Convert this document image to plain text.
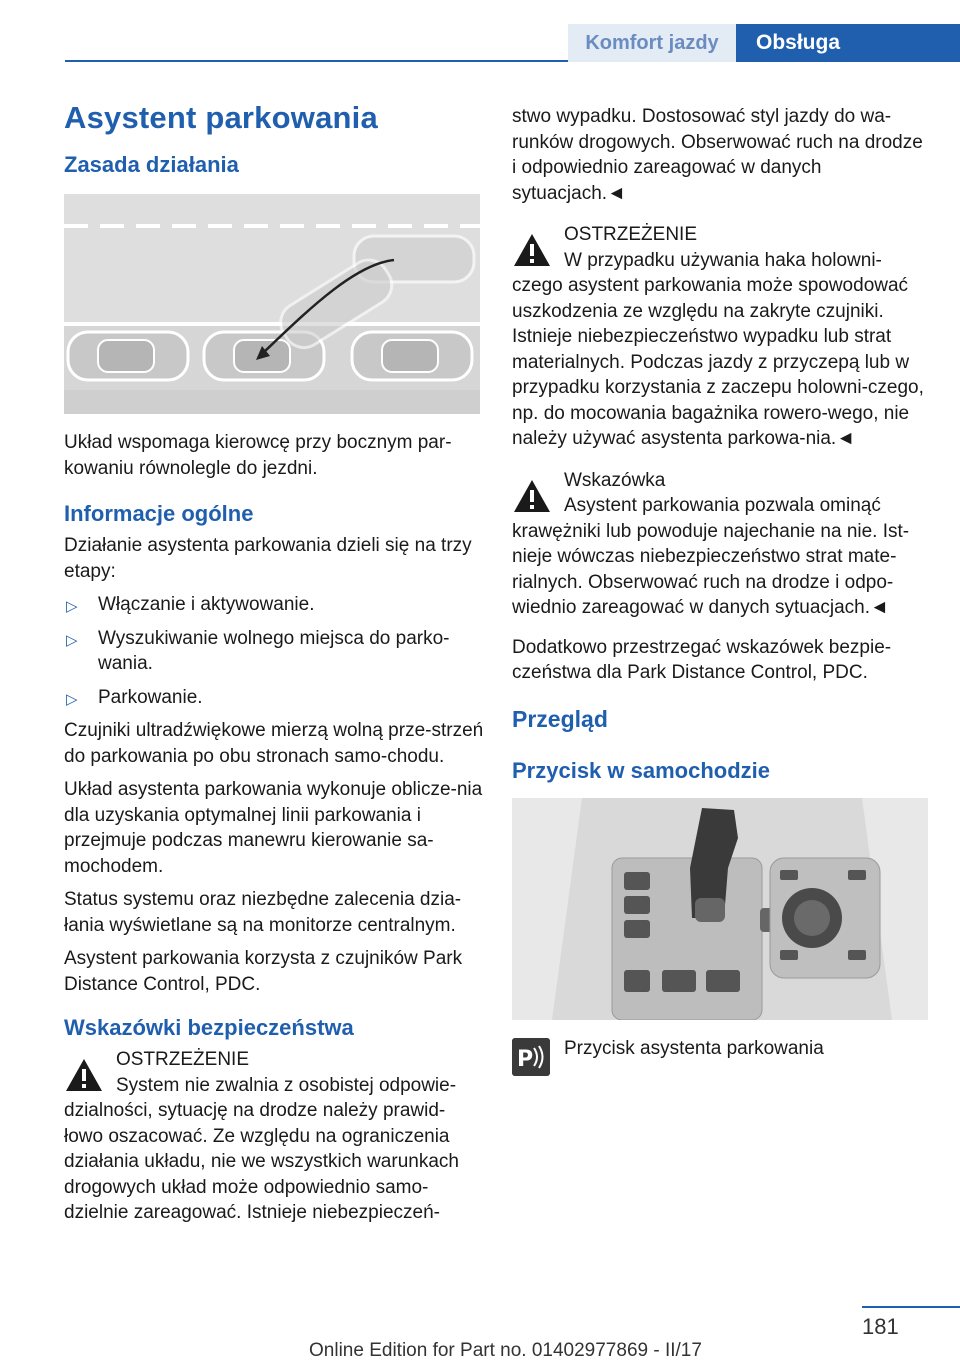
Komfort jazdy	Obsługa
Asystent parkowania
Zasada działania

Układ wspomaga kierowcę przy bocznym par-kowaniu równolegle do jezdni.

Informacje ogólne

Działanie asystenta parkowania dzieli się na trzy etapy:

▷ Włączanie i aktywowanie.
▷ Wyszukiwanie wolnego miejsca do parko-wania.
▷ Parkowanie.

Czujniki ultradźwiękowe mierzą wolną prze-strzeń do parkowania po obu stronach samo-chodu.

Układ asystenta parkowania wykonuje oblicze-nia dla uzyskania optymalnej linii parkowania i przejmuje podczas manewru kierowanie sa-mochodem.

Status systemu oraz niezbędne zalecenia dzia-łania wyświetlane są na monitorze centralnym.

Asystent parkowania korzysta z czujników Park Distance Control, PDC.

Wskazówki bezpieczeństwa
OSTRZEŻENIE
System nie zwalnia z osobistej odpowie-dzialności, sytuację na drodze należy prawid-łowo oszacować. Ze względu na ograniczenia działania układu, nie we wszystkich warunkach drogowych układ może odpowiednio samo-dzielnie zareagować. Istnieje niebezpieczeń-

stwo wypadku. Dostosować styl jazdy do wa-runków drogowych. Obserwować ruch na drodze i odpowiednio zareagować w danych sytuacjach.◄

OSTRZEŻENIE
W przypadku używania haka holowni-czego asystent parkowania może spowodować uszkodzenia ze względu na zakryte czujniki. Istnieje niebezpieczeństwo wypadku lub strat materialnych. Podczas jazdy z przyczepą lub w przypadku korzystania z zaczepu holowni-czego, np. do mocowania bagażnika rowero-wego, nie należy używać asystenta parkowa-nia.◄
Wskazówka
Asystent parkowania pozwala ominąć krawężniki lub powoduje najechanie na nie. Ist-nieje wówczas niebezpieczeństwo strat mate-rialnych. Obserwować ruch na drodze i odpo-wiednio zareagować w danych sytuacjach.◄

Dodatkowo przestrzegać wskazówek bezpie-czeństwa dla Park Distance Control, PDC.

Przegląd
Przycisk w samochodzie
P Przycisk asystenta parkowania

181
Online Edition for Part no. 01402977869 - II/17
